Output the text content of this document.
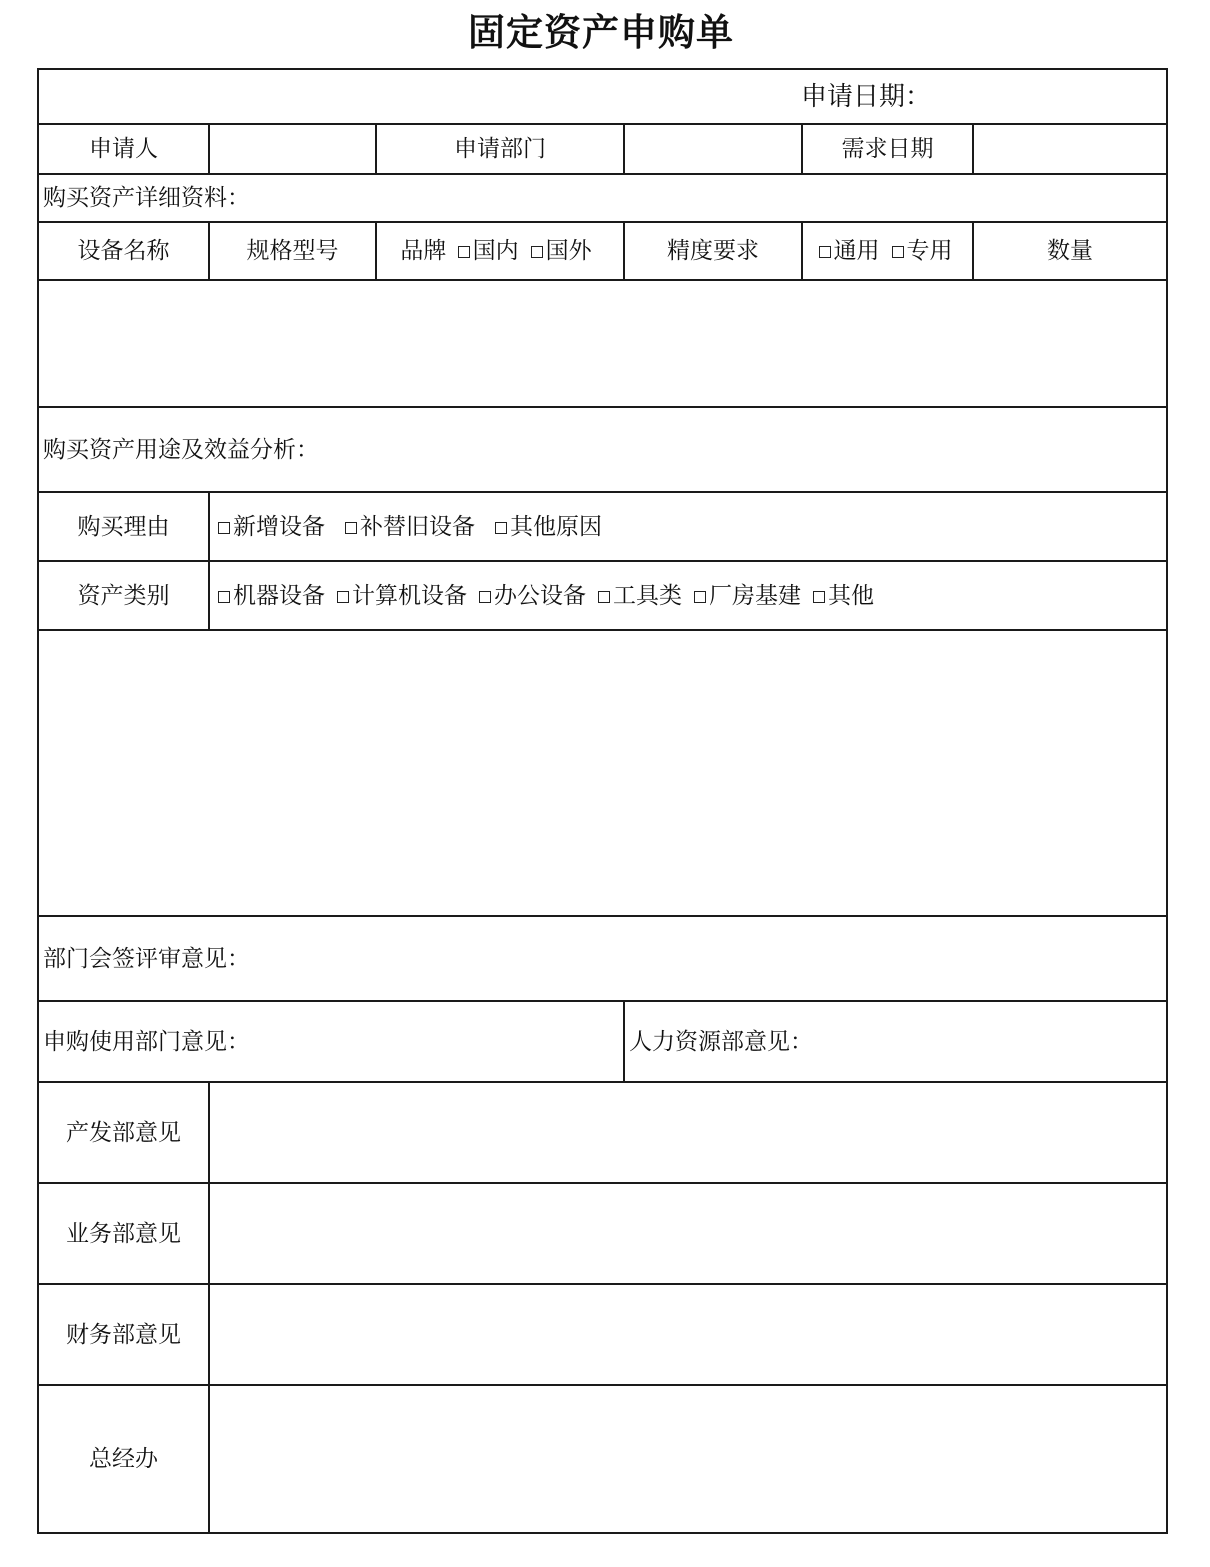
固定资产申购单
申请日期：					
申请人		申请部门		需求日期	
购买资产详细资料：					
设备名称	规格型号	品牌 国内 国外	精度要求	通用 专用	数量

购买资产用途及效益分析：					
购买理由	新增设备 补替旧设备 其他原因				
资产类别	机器设备 计算机设备 办公设备 工具类 厂房基建 其他				

部门会签评审意见：					
申购使用部门意见：			人力资源部意见：		
产发部意见					
业务部意见					
财务部意见					
总经办					
